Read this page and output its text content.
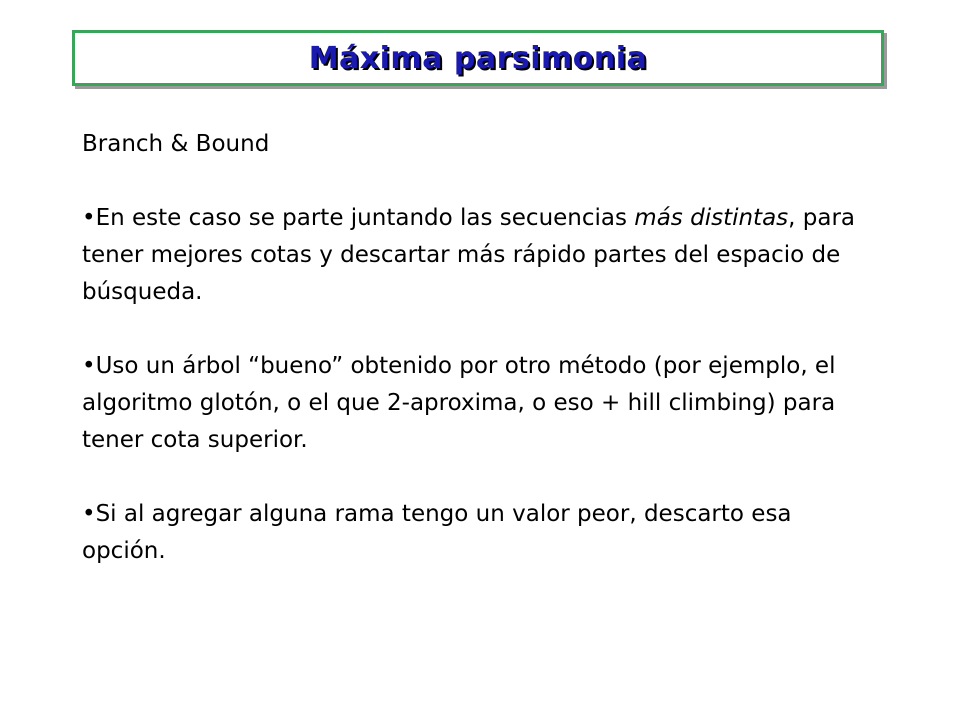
Máxima parsimonia
Branch & Bound
•En este caso se parte juntando las secuencias más distintas, para tener mejores cotas y descartar más rápido partes del espacio de búsqueda.
•Uso un árbol “bueno” obtenido por otro método (por ejemplo, el algoritmo glotón, o el que 2-aproxima, o eso + hill climbing) para tener cota superior.
•Si al agregar alguna rama tengo un valor peor, descarto esa opción.
